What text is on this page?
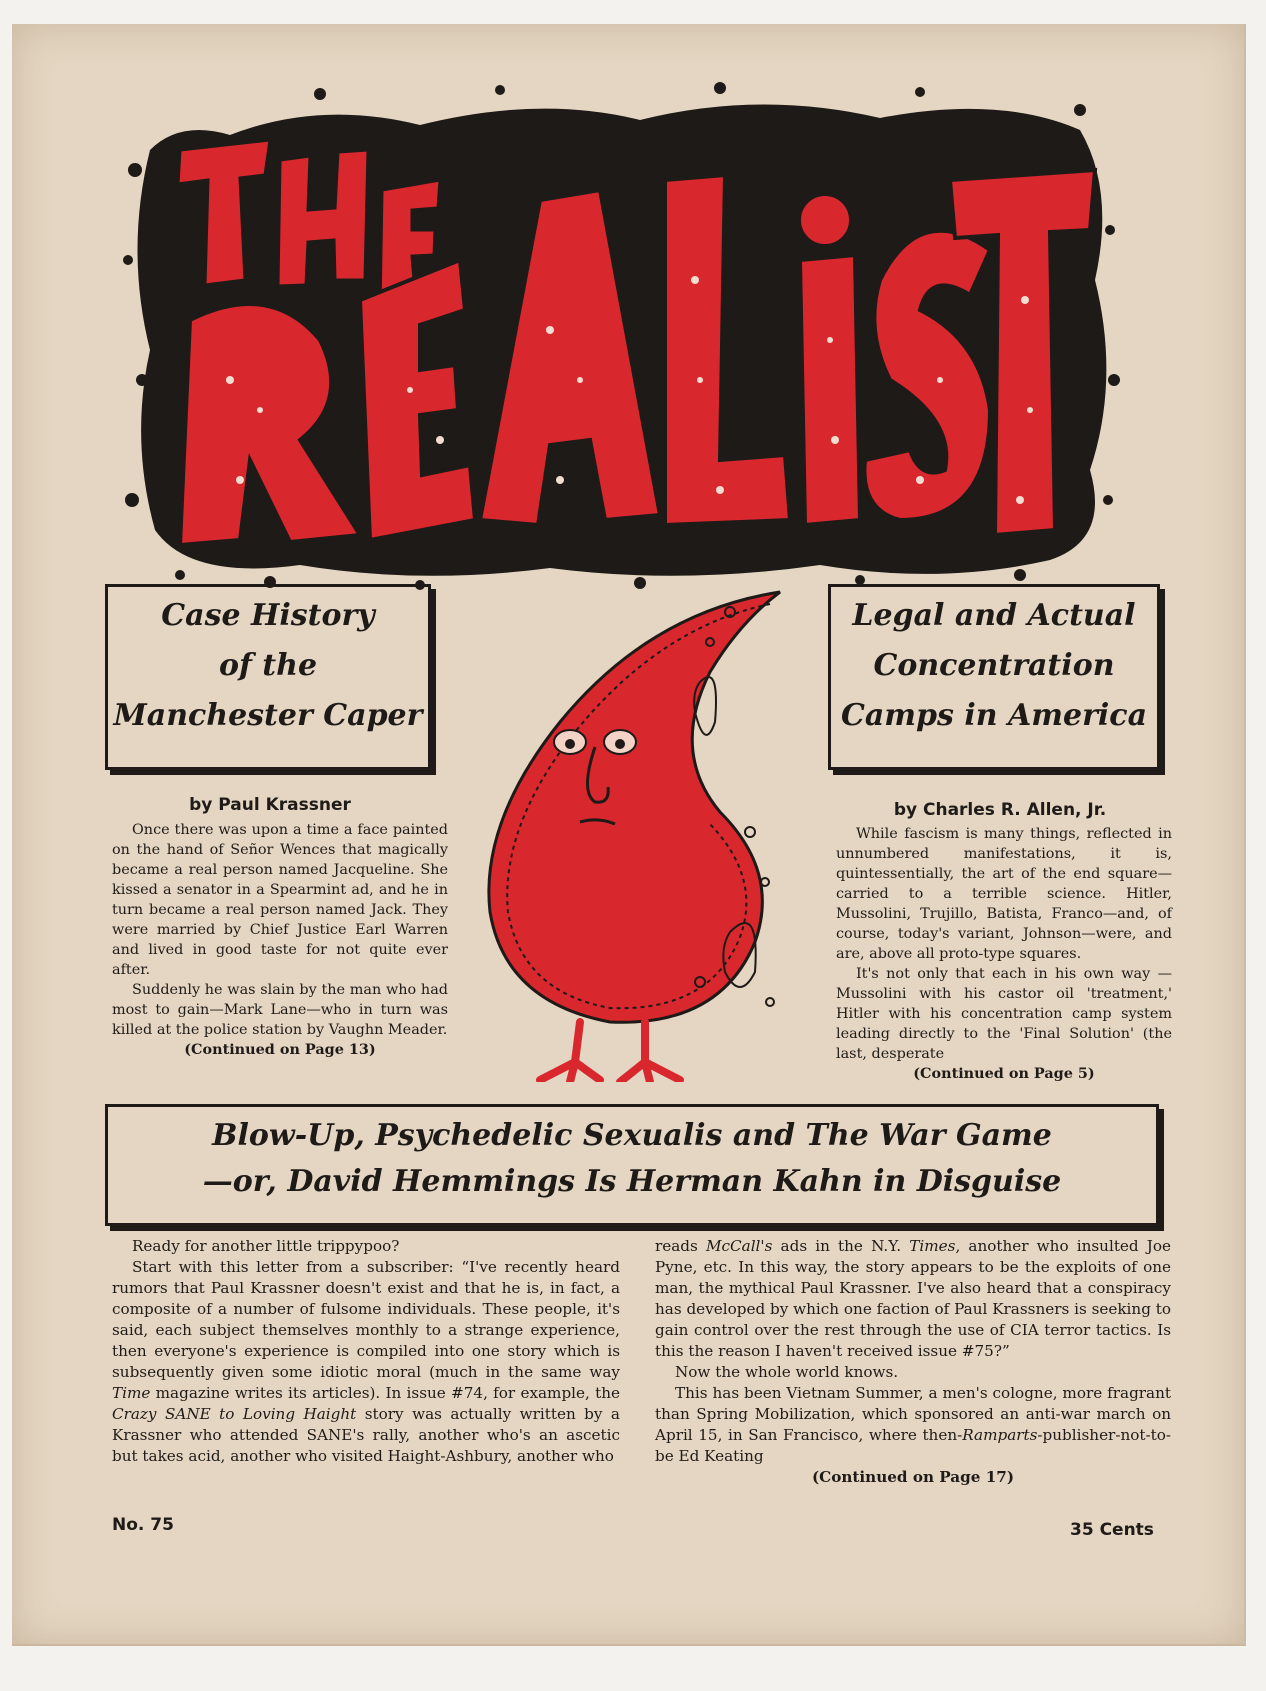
Case History
of the
Manchester Caper
by Paul Krassner

Once there was upon a time a face painted on the hand of Señor Wences that magically became a real person named Jacqueline. She kissed a senator in a Spearmint ad, and he in turn became a real person named Jack. They were married by Chief Justice Earl Warren and lived in good taste for not quite ever after.

Suddenly he was slain by the man who had most to gain—Mark Lane—who in turn was killed at the police station by Vaughn Meader.

(Continued on Page 13)

Legal and Actual
Concentration
Camps in America
by Charles R. Allen, Jr.

While fascism is many things, reflected in unnumbered manifestations, it is, quintessentially, the art of the end square—carried to a terrible science. Hitler, Mussolini, Trujillo, Batista, Franco—and, of course, today's variant, Johnson—were, and are, above all proto-type squares.

It's not only that each in his own way — Mussolini with his castor oil 'treatment,' Hitler with his concentration camp system leading directly to the 'Final Solution' (the last, desperate

(Continued on Page 5)

Blow-Up, Psychedelic Sexualis and The War Game
—or, David Hemmings Is Herman Kahn in Disguise

Ready for another little trippypoo?

Start with this letter from a subscriber: “I've recently heard rumors that Paul Krassner doesn't exist and that he is, in fact, a composite of a number of fulsome individuals. These people, it's said, each subject themselves monthly to a strange experience, then everyone's experience is compiled into one story which is subsequently given some idiotic moral (much in the same way Time magazine writes its articles). In issue #74, for example, the Crazy SANE to Loving Haight story was actually written by a Krassner who attended SANE's rally, another who's an ascetic but takes acid, another who visited Haight-Ashbury, another who

reads McCall's ads in the N.Y. Times, another who insulted Joe Pyne, etc. In this way, the story appears to be the exploits of one man, the mythical Paul Krassner. I've also heard that a conspiracy has developed by which one faction of Paul Krassners is seeking to gain control over the rest through the use of CIA terror tactics. Is this the reason I haven't received issue #75?”

Now the whole world knows.

This has been Vietnam Summer, a men's cologne, more fragrant than Spring Mobilization, which sponsored an anti-war march on April 15, in San Francisco, where then-Ramparts-publisher-not-to-be Ed Keating

(Continued on Page 17)

No. 75	35 Cents
